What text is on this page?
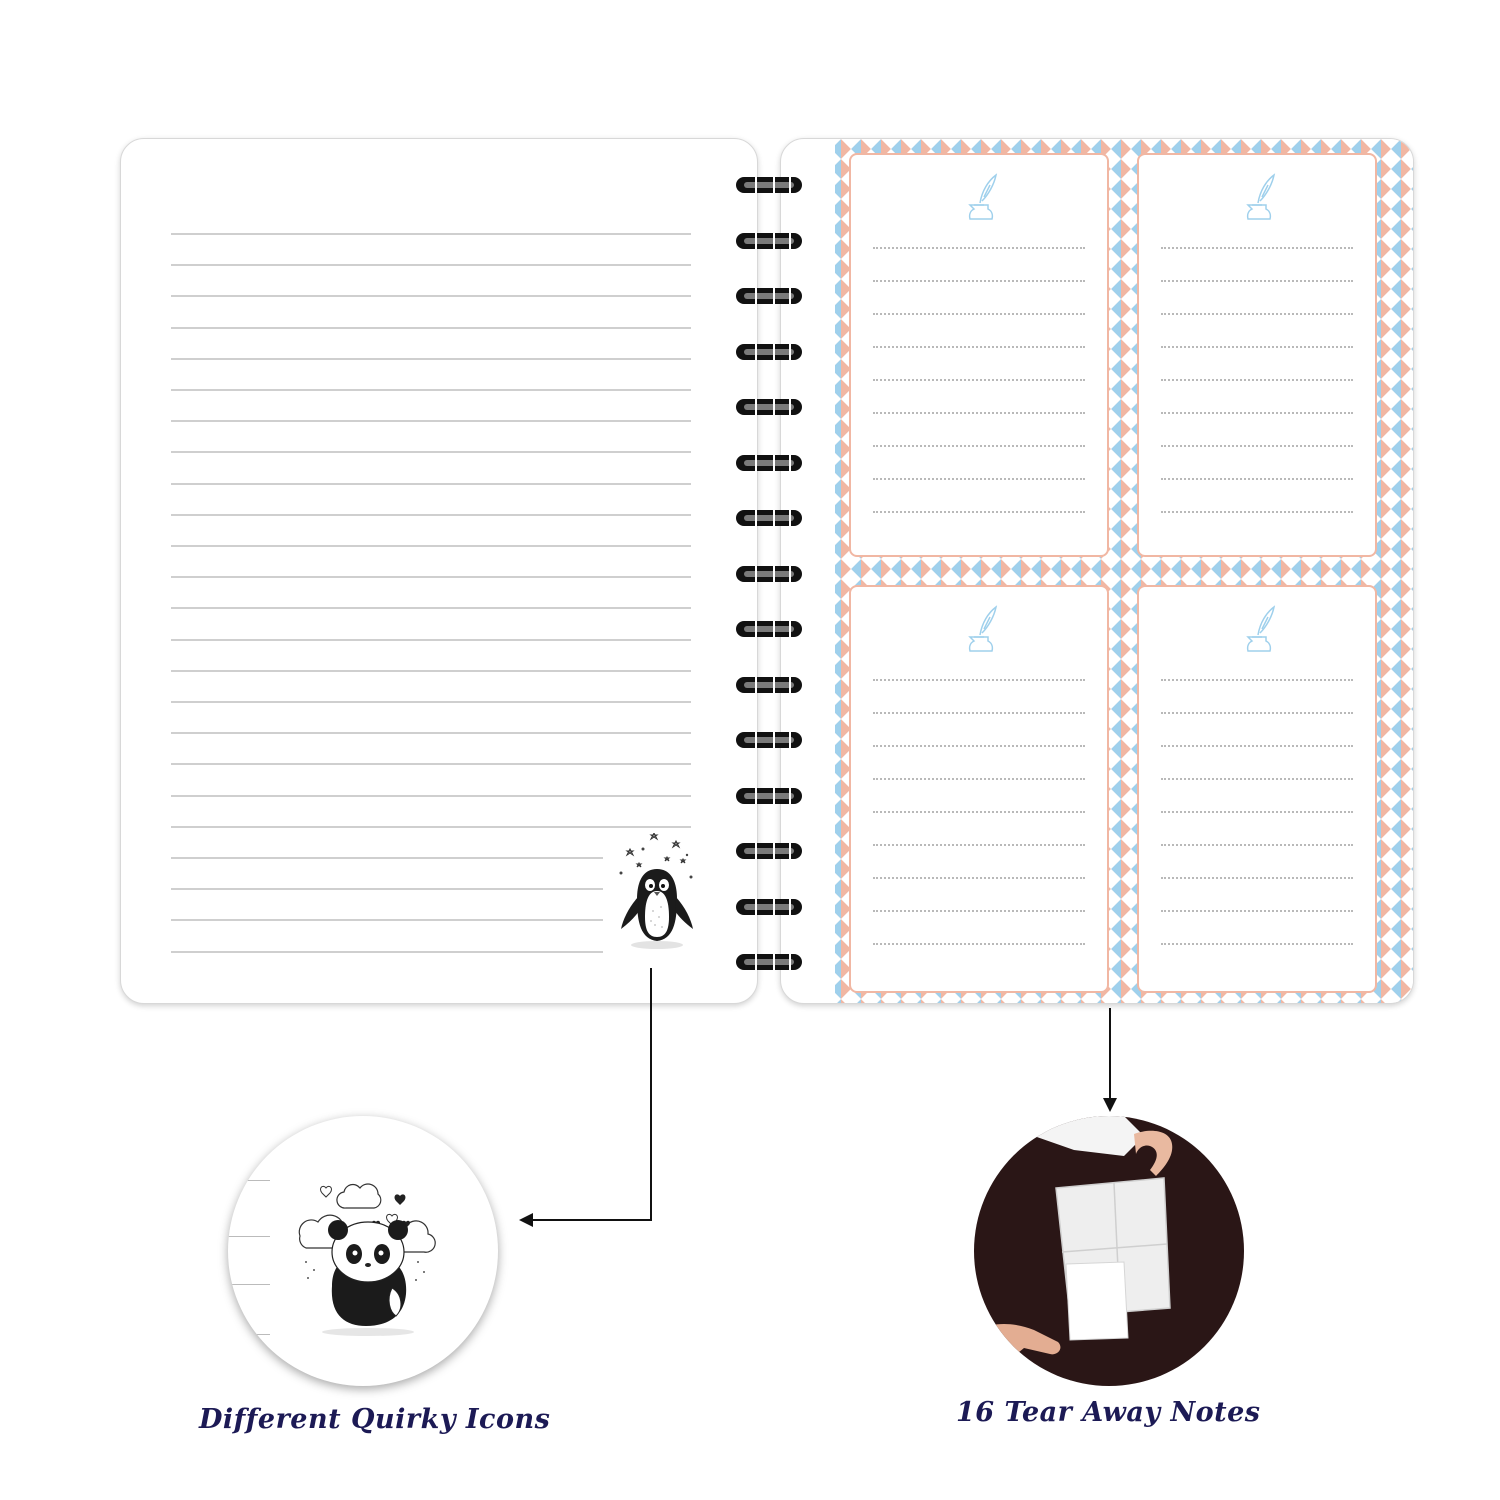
Different Quirky Icons	16 Tear Away Notes
